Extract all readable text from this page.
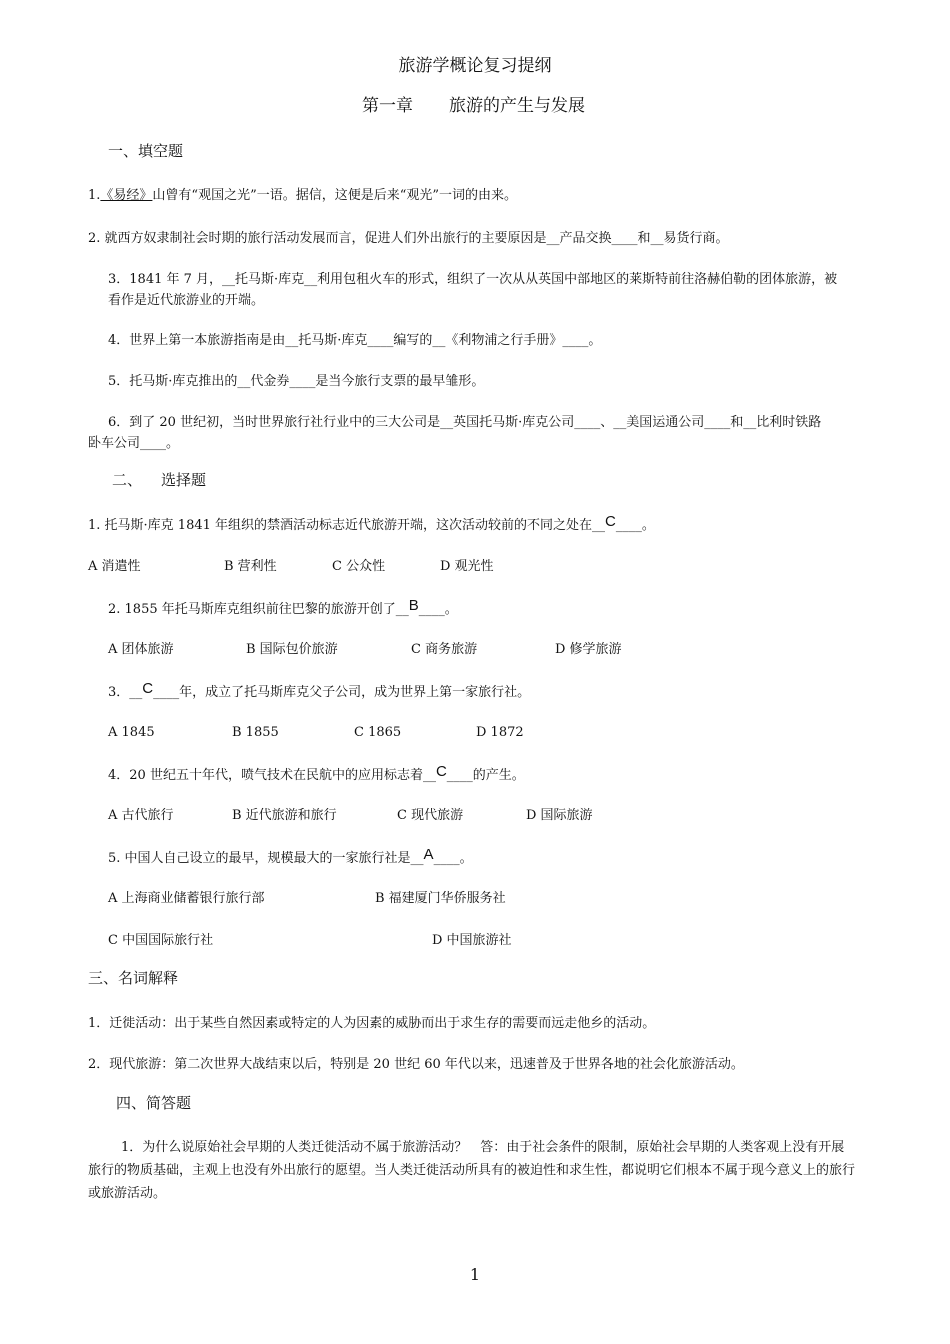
旅游学概论复习提纲
第一章 旅游的产生与发展
一、填空题
1.《易经》山曾有“观国之光”一语。据信，这便是后来“观光”一词的由来。
2. 就西方奴隶制社会时期的旅行活动发展而言，促进人们外出旅行的主要原因是__产品交换____和__易货行商。
3．1841 年 7 月，__托马斯·库克__利用包租火车的形式，组织了一次从从英国中部地区的莱斯特前往洛赫伯勒的团体旅游，被
看作是近代旅游业的开端。
4．世界上第一本旅游指南是由__托马斯·库克____编写的__《利物浦之行手册》____。
5．托马斯·库克推出的__代金券____是当今旅行支票的最早雏形。
6．到了 20 世纪初，当时世界旅行社行业中的三大公司是__英国托马斯·库克公司____、__美国运通公司____和__比利时铁路
卧车公司____。
二、 选择题
1. 托马斯·库克 1841 年组织的禁酒活动标志近代旅游开端，这次活动较前的不同之处在__C____。
A 消遣性	B 营利性	C 公众性	D 观光性
2. 1855 年托马斯库克组织前往巴黎的旅游开创了__B____。
A 团体旅游	B 国际包价旅游	C 商务旅游	D 修学旅游
3．__C____年，成立了托马斯库克父子公司，成为世界上第一家旅行社。
A 1845	B 1855	C 1865	D 1872
4．20 世纪五十年代，喷气技术在民航中的应用标志着__C____的产生。
A 古代旅行	B 近代旅游和旅行	C 现代旅游	D 国际旅游
5. 中国人自己设立的最早，规模最大的一家旅行社是__A____。
A 上海商业储蓄银行旅行部	B 福建厦门华侨服务社
C 中国国际旅行社	D 中国旅游社
三、名词解释
1．迁徙活动：出于某些自然因素或特定的人为因素的威胁而出于求生存的需要而远走他乡的活动。
2．现代旅游：第二次世界大战结束以后，特别是 20 世纪 60 年代以来，迅速普及于世界各地的社会化旅游活动。
四、简答题
1．为什么说原始社会早期的人类迁徙活动不属于旅游活动？　答：由于社会条件的限制，原始社会早期的人类客观上没有开展
旅行的物质基础，主观上也没有外出旅行的愿望。当人类迁徙活动所具有的被迫性和求生性，都说明它们根本不属于现今意义上的旅行
或旅游活动。
1
